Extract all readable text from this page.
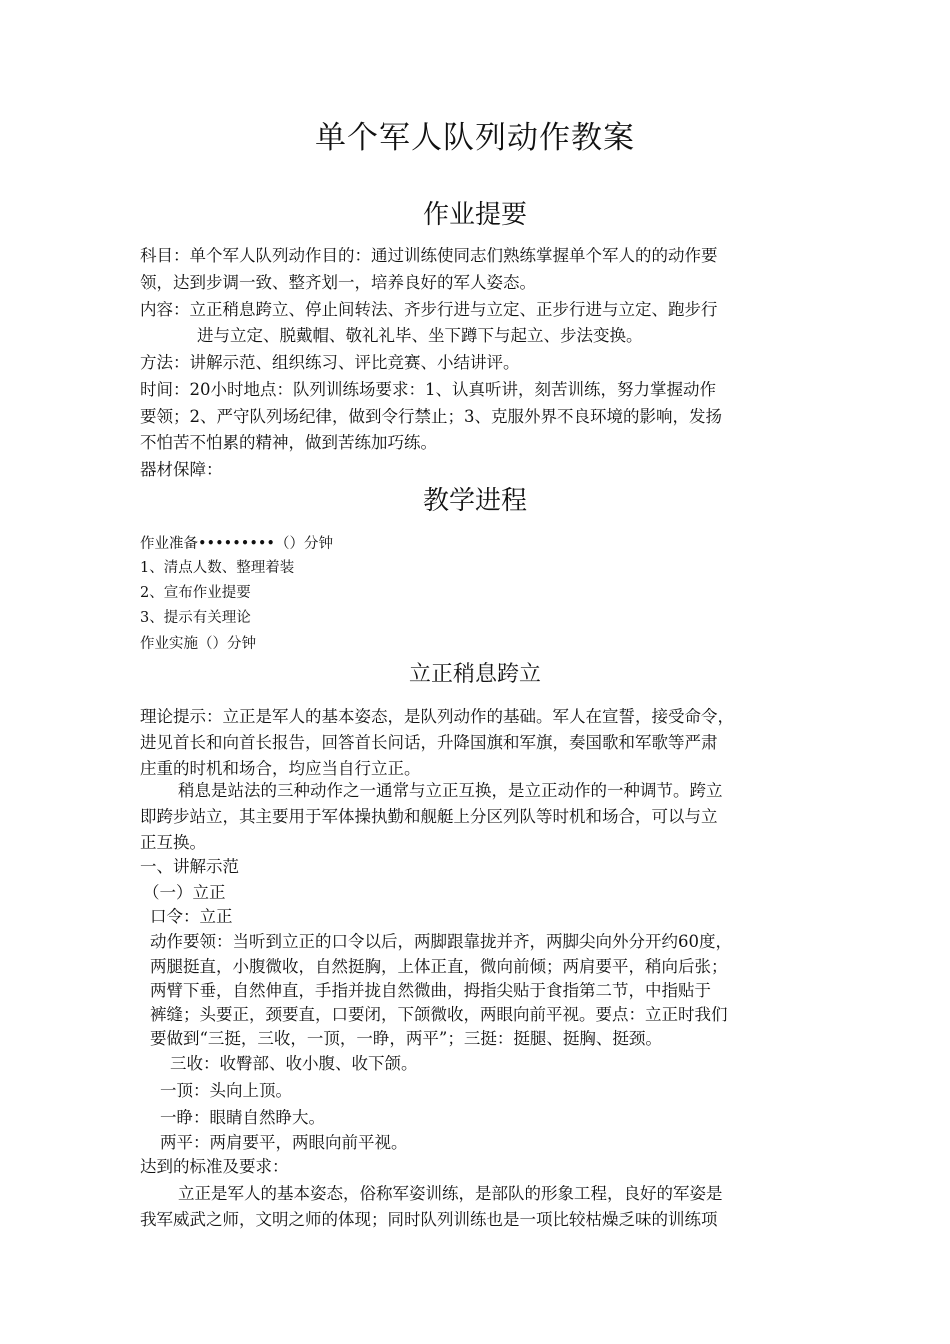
单个军人队列动作教案
作业提要
科目：单个军人队列动作目的：通过训练使同志们熟练掌握单个军人的的动作要
领，达到步调一致、整齐划一，培养良好的军人姿态。
内容：立正稍息跨立、停止间转法、齐步行进与立定、正步行进与立定、跑步行
进与立定、脱戴帽、敬礼礼毕、坐下蹲下与起立、步法变换。
方法：讲解示范、组织练习、评比竞赛、小结讲评。
时间：20小时地点：队列训练场要求：1、认真听讲，刻苦训练，努力掌握动作
要领；2、严守队列场纪律，做到令行禁止；3、克服外界不良环境的影响，发扬
不怕苦不怕累的精神，做到苦练加巧练。
器材保障：
教学进程
作业准备•••••••••（）分钟
1、清点人数、整理着装
2、宣布作业提要
3、提示有关理论
作业实施（）分钟
立正稍息跨立
理论提示：立正是军人的基本姿态，是队列动作的基础。军人在宣誓，接受命令，
进见首长和向首长报告，回答首长问话，升降国旗和军旗，奏国歌和军歌等严肃
庄重的时机和场合，均应当自行立正。
稍息是站法的三种动作之一通常与立正互换，是立正动作的一种调节。跨立
即跨步站立，其主要用于军体操执勤和舰艇上分区列队等时机和场合，可以与立
正互换。
一、讲解示范
（一）立正
口令：立正
动作要领：当听到立正的口令以后，两脚跟靠拢并齐，两脚尖向外分开约60度，
两腿挺直，小腹微收，自然挺胸，上体正直，微向前倾；两肩要平，稍向后张；
两臂下垂，自然伸直，手指并拢自然微曲，拇指尖贴于食指第二节，中指贴于
裤缝；头要正，颈要直，口要闭，下颌微收，两眼向前平视。要点：立正时我们
要做到“三挺，三收，一顶，一睁，两平”；三挺：挺腿、挺胸、挺颈。
三收：收臀部、收小腹、收下颌。
一顶：头向上顶。
一睁：眼睛自然睁大。
两平：两肩要平，两眼向前平视。
达到的标准及要求：
立正是军人的基本姿态，俗称军姿训练，是部队的形象工程，良好的军姿是
我军威武之师，文明之师的体现；同时队列训练也是一项比较枯燥乏味的训练项
